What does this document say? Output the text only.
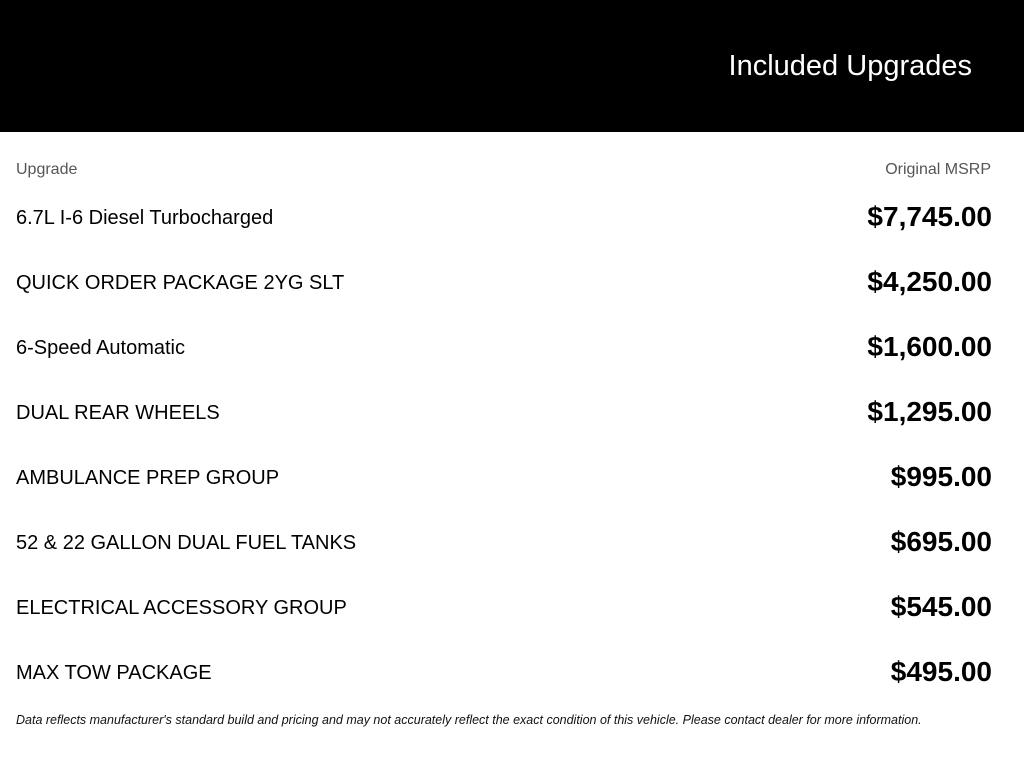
Included Upgrades
Upgrade	Original MSRP
6.7L I-6 Diesel Turbocharged	$7,745.00
QUICK ORDER PACKAGE 2YG SLT	$4,250.00
6-Speed Automatic	$1,600.00
DUAL REAR WHEELS	$1,295.00
AMBULANCE PREP GROUP	$995.00
52 & 22 GALLON DUAL FUEL TANKS	$695.00
ELECTRICAL ACCESSORY GROUP	$545.00
MAX TOW PACKAGE	$495.00
Data reflects manufacturer's standard build and pricing and may not accurately reflect the exact condition of this vehicle. Please contact dealer for more information.
